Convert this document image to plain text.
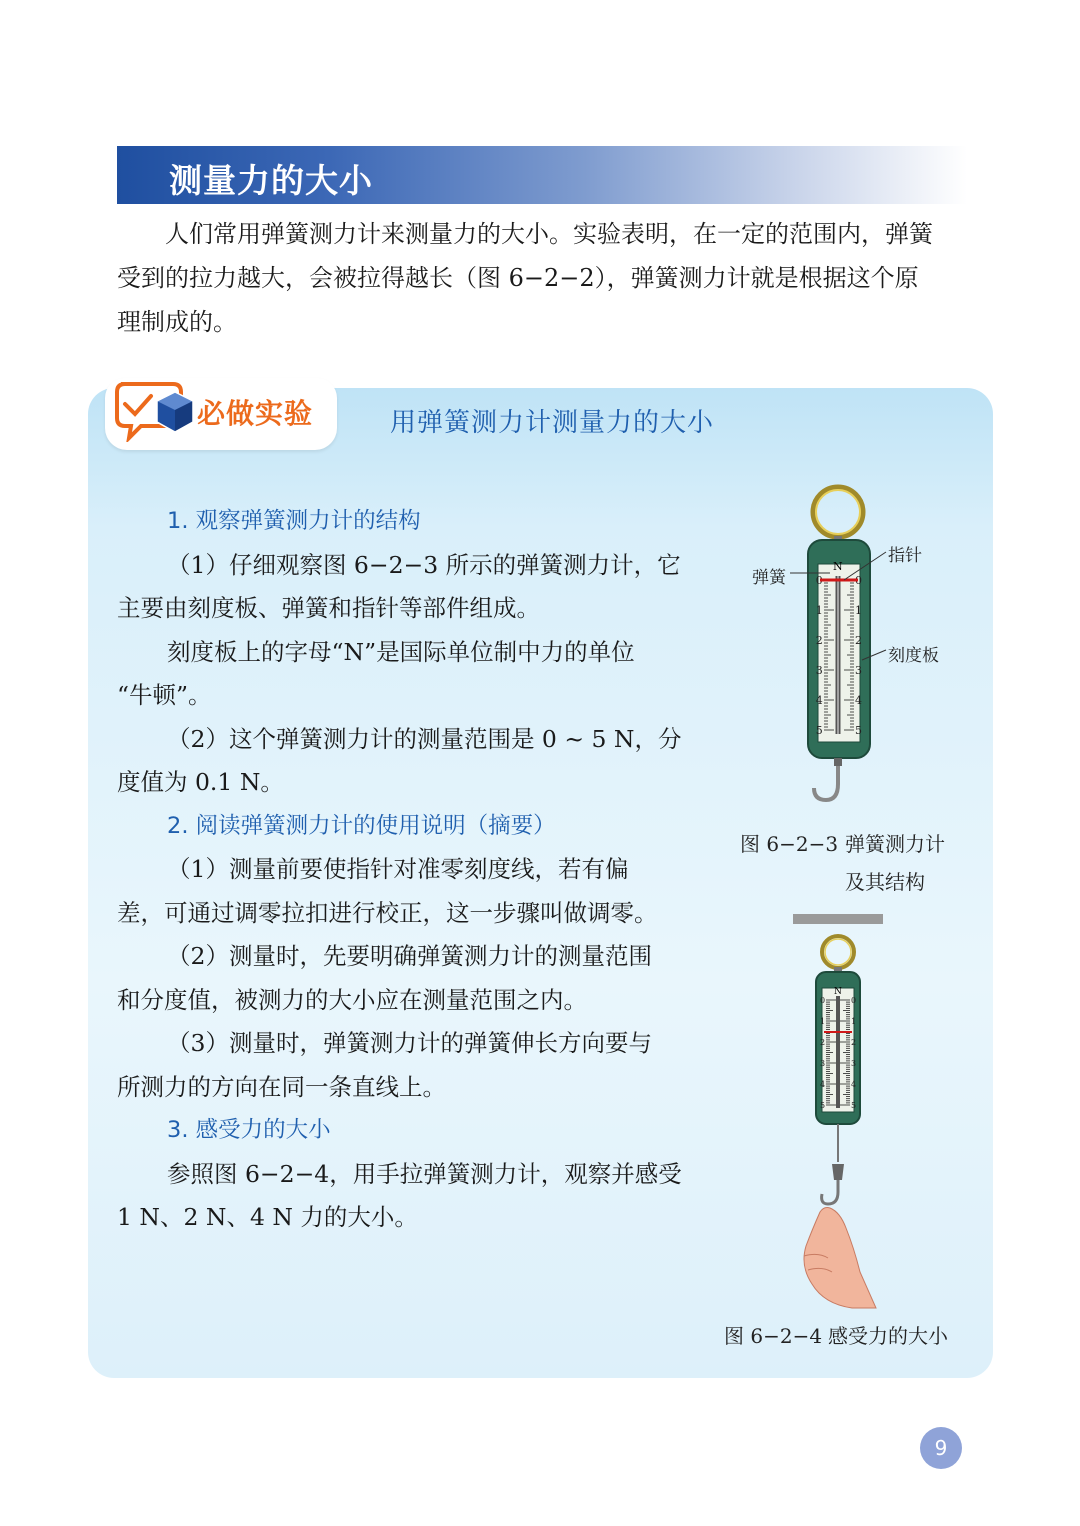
测量力的大小

人们常用弹簧测力计来测量力的大小。实验表明，在一定的范围内，弹簧

受到的拉力越大，会被拉得越长（图 6−2−2），弹簧测力计就是根据这个原

理制成的。

必做实验	用弹簧测力计测量力的大小

1. 观察弹簧测力计的结构

（1）仔细观察图 6−2−3 所示的弹簧测力计，它

主要由刻度板、弹簧和指针等部件组成。

刻度板上的字母“N”是国际单位制中力的单位

“牛顿”。

（2）这个弹簧测力计的测量范围是 0 ~ 5 N，分

度值为 0.1 N。

2. 阅读弹簧测力计的使用说明（摘要）

（1）测量前要使指针对准零刻度线，若有偏

差，可通过调零拉扣进行校正，这一步骤叫做调零。

（2）测量时，先要明确弹簧测力计的测量范围

和分度值，被测力的大小应在测量范围之内。

（3）测量时，弹簧测力计的弹簧伸长方向要与

所测力的方向在同一条直线上。

3. 感受力的大小

参照图 6−2−4，用手拉弹簧测力计，观察并感受

1 N、2 N、4 N 力的大小。

0	0
1	1
2	2
3	3
4	4
5	5
N
弹簧
指针
刻度板
图 6−2−3 弹簧测力计
及其结构
0	0
1	1
2	2
3	3
4	4
5	5
N
图 6−2−4 感受力的大小
9
